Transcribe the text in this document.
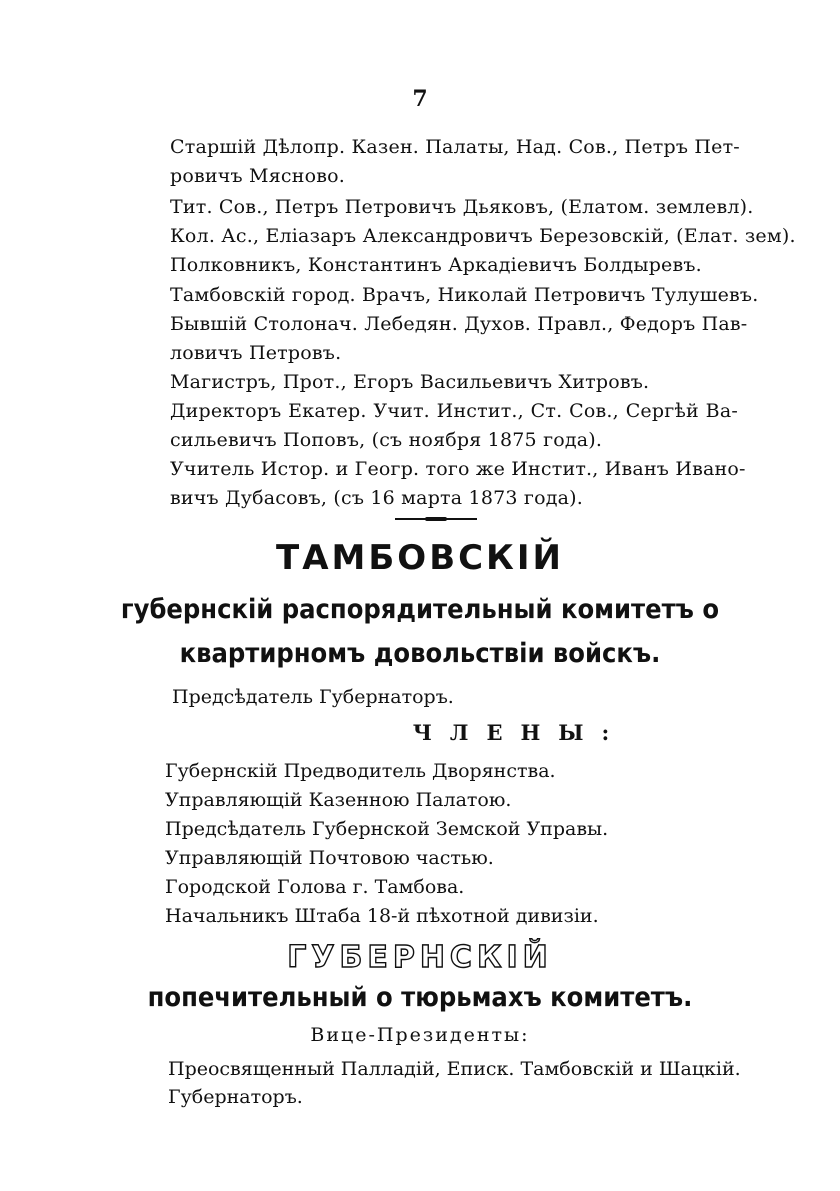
7
Старшій Дѣлопр. Казен. Палаты, Над. Сов., Петръ Пет-
ровичъ Мясново.
Тит. Сов., Петръ Петровичъ Дьяковъ, (Елатом. землевл).
Кол. Ас., Еліазаръ Александровичъ Березовскій, (Елат. зем).
Полковникъ, Константинъ Аркадіевичъ Болдыревъ.
Тамбовскій город. Врачъ, Николай Петровичъ Тулушевъ.
Бывшій Столонач. Лебедян. Духов. Правл., Федоръ Пав-
ловичъ Петровъ.
Магистръ, Прот., Егоръ Васильевичъ Хитровъ.
Директоръ Екатер. Учит. Инстит., Ст. Сов., Сергѣй Ва-
сильевичъ Поповъ, (съ ноября 1875 года).
Учитель Истор. и Геогр. того же Инстит., Иванъ Ивано-
вичъ Дубасовъ, (съ 16 марта 1873 года).
ТАМБОВСКІЙ
губернскій распорядительный комитетъ о
квартирномъ довольствіи войскъ.
Предсѣдатель Губернаторъ.
ЧЛЕНЫ:
Губернскій Предводитель Дворянства.
Управляющій Казенною Палатою.
Предсѣдатель Губернской Земской Управы.
Управляющій Почтовою частью.
Городской Голова г. Тамбова.
Начальникъ Штаба 18-й пѣхотной дивизіи.
ГУБЕРНСКІЙ
попечительный о тюрьмахъ комитетъ.
Вице-Президенты:
Преосвященный Палладій, Еписк. Тамбовскій и Шацкій.
Губернаторъ.
